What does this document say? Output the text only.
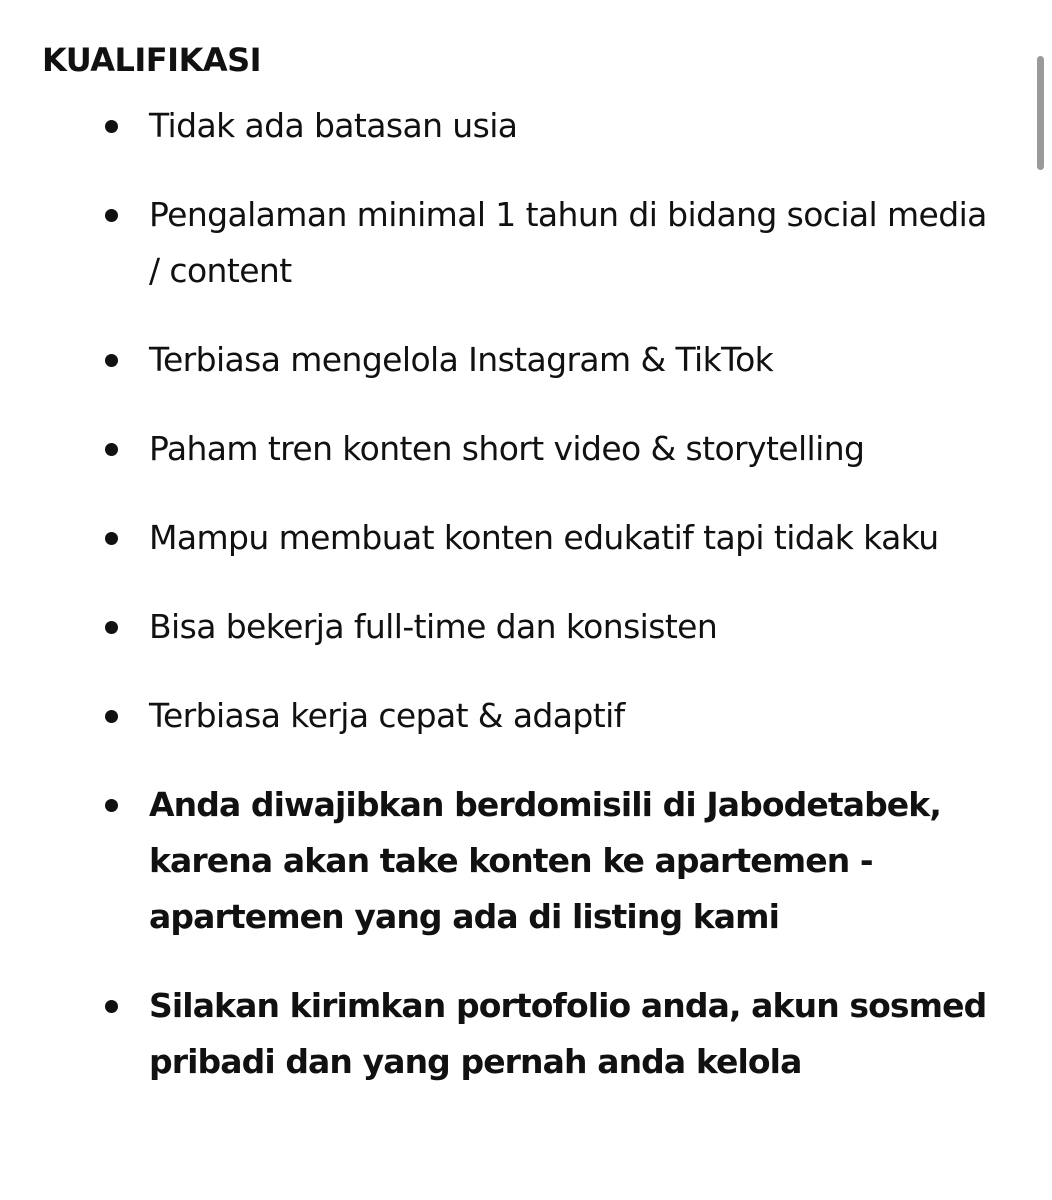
KUALIFIKASI
Tidak ada batasan usia
Pengalaman minimal 1 tahun di bidang social media / content
Terbiasa mengelola Instagram & TikTok
Paham tren konten short video & storytelling
Mampu membuat konten edukatif tapi tidak kaku
Bisa bekerja full-time dan konsisten
Terbiasa kerja cepat & adaptif
Anda diwajibkan berdomisili di Jabodetabek, karena akan take konten ke apartemen - apartemen yang ada di listing kami
Silakan kirimkan portofolio anda, akun sosmed pribadi dan yang pernah anda kelola
